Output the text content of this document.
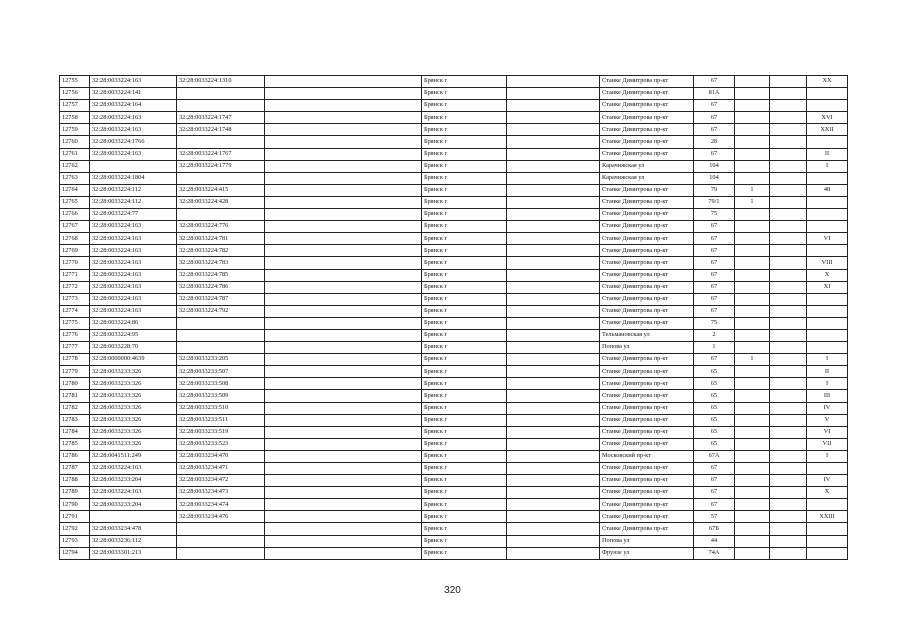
12755	32:28:0033224:163	32:28:0033224:1310		Брянск г		Станке Димитрова пр-кт	67			XX
12756	32:28:0033224:141			Брянск г		Станке Димитрова пр-кт	81А			
12757	32:28:0033224:164			Брянск г		Станке Димитрова пр-кт	67			
12758	32:28:0033224:163	32:28:0033224:1747		Брянск г		Станке Димитрова пр-кт	67			XVI
12759	32:28:0033224:163	32:28:0033224:1748		Брянск г		Станке Димитрова пр-кт	67			XXII
12760	32:28:0033224:1766			Брянск г		Станке Димитрова пр-кт	28			
12761	32:28:0033224:163	32:28:0033224:1767		Брянск г		Станке Димитрова пр-кт	67			II
12762		32:28:0033224:1779		Брянск г		Карачижская ул	104			I
12763	32:28:0033224:1804			Брянск г		Карачижская ул	104			
12764	32:28:0033224:112	32:28:0033224:415		Брянск г		Станке Димитрова пр-кт	79	1		48
12765	32:28:0033224:112	32:28:0033224:428		Брянск г		Станке Димитрова пр-кт	79/1	1		
12766	32:28:0033224:77			Брянск г		Станке Димитрова пр-кт	75			
12767	32:28:0033224:163	32:28:0033224:776		Брянск г		Станке Димитрова пр-кт	67			
12768	32:28:0033224:163	32:28:0033224:781		Брянск г		Станке Димитрова пр-кт	67			VI
12769	32:28:0033224:163	32:28:0033224:782		Брянск г		Станке Димитрова пр-кт	67			
12770	32:28:0033224:163	32:28:0033224:783		Брянск г		Станке Димитрова пр-кт	67			VIII
12771	32:28:0033224:163	32:28:0033224:785		Брянск г		Станке Димитрова пр-кт	67			X
12772	32:28:0033224:163	32:28:0033224:786		Брянск г		Станке Димитрова пр-кт	67			XI
12773	32:28:0033224:163	32:28:0033224:787		Брянск г		Станке Димитрова пр-кт	67			
12774	32:28:0033224:163	32:28:0033224:792		Брянск г		Станке Димитрова пр-кт	67			
12775	32:28:0033224:86			Брянск г		Станке Димитрова пр-кт	75			
12776	32:28:0033224:95			Брянск г		Тельмановская ул	2			
12777	32:28:0033228:70			Брянск г		Попова ул	1			
12778	32:28:0000000:4639	32:28:0033233:205		Брянск г		Станке Димитрова пр-кт	67	1		I
12779	32:28:0033233:326	32:28:0033233:507		Брянск г		Станке Димитрова пр-кт	65			II
12780	32:28:0033233:326	32:28:0033233:508		Брянск г		Станке Димитрова пр-кт	65			I
12781	32:28:0033233:326	32:28:0033233:509		Брянск г		Станке Димитрова пр-кт	65			III
12782	32:28:0033233:326	32:28:0033233:510		Брянск г		Станке Димитрова пр-кт	65			IV
12783	32:28:0033233:326	32:28:0033233:511		Брянск г		Станке Димитрова пр-кт	65			V
12784	32:28:0033233:326	32:28:0033233:519		Брянск г		Станке Димитрова пр-кт	65			VI
12785	32:28:0033233:326	32:28:0033233:523		Брянск г		Станке Димитрова пр-кт	65			VII
12786	32:28:0041511:249	32:28:0033234:470		Брянск г		Московский пр-кт	67А			I
12787	32:28:0033224:163	32:28:0033234:471		Брянск г		Станке Димитрова пр-кт	67			
12788	32:28:0033233:204	32:28:0033234:472		Брянск г		Станке Димитрова пр-кт	67			IV
12789	32:28:0033224:163	32:28:0033234:473		Брянск г		Станке Димитрова пр-кт	67			X
12790	32:28:0033233:204	32:28:0033234:474		Брянск г		Станке Димитрова пр-кт	67			
12791		32:28:0033234:476		Брянск г		Станке Димитрова пр-кт	57			XXIII
12792	32:28:0033234:478			Брянск г		Станке Димитрова пр-кт	67Б			
12793	32:28:0033236:112			Брянск г		Попова ул	44			
12794	32:28:0033301:213			Брянск г		Фрунзе ул	74А			
320
